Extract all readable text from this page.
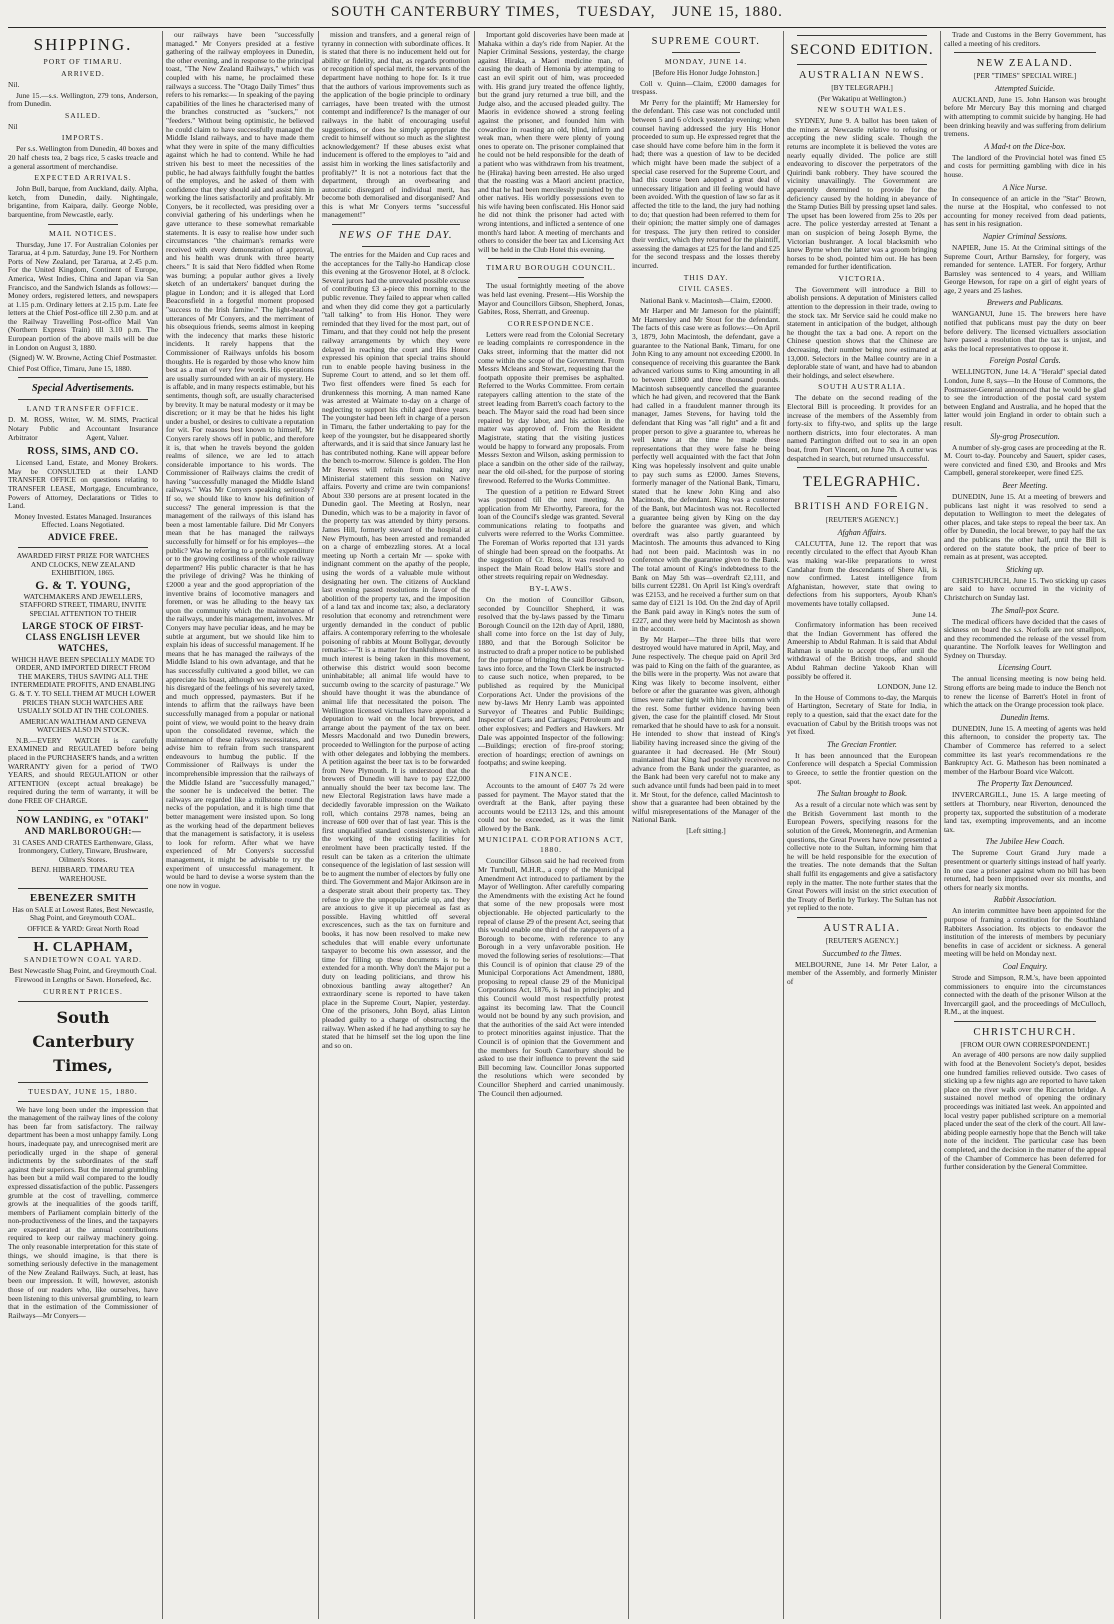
SOUTH CANTERBURY TIMES, TUESDAY, JUNE 15, 1880.
SHIPPING.
PORT OF TIMARU.
ARRIVED.

Nil.

June 15.—s.s. Wellington, 279 tons, Anderson, from Dunedin.

SAILED.

Nil

IMPORTS.

Per s.s. Wellington from Dunedin, 40 boxes and 20 half chests tea, 2 bags rice, 5 casks treacle and a general assortment of merchandise.

EXPECTED ARRIVALS.

John Bull, barque, from Auckland, daily. Alpha, ketch, from Dunedin, daily. Nightingale, brigantine, from Kaipara, daily. George Noble, barquentine, from Newcastle, early.

MAIL NOTICES.

Thursday, June 17. For Australian Colonies per Tararua, at 4 p.m. Saturday, June 19. For Northern Ports of New Zealand, per Tararua, at 2.45 p.m. For the United Kingdom, Continent of Europe, America, West Indies, China and Japan via San Francisco, and the Sandwich Islands as follows:— Money orders, registered letters, and newspapers at 1.15 p.m. Ordinary letters at 2.15 p.m. Late fee letters at the Chief Post-office till 2.30 p.m. and at the Railway Travelling Post-office Mail Van (Northern Express Train) till 3.10 p.m. The European portion of the above mails will be due in London on August 3, 1880.

(Signed) W. W. Browne, Acting Chief Postmaster.

Chief Post Office, Timaru, June 15, 1880.

Special Advertisements.
LAND TRANSFER OFFICE.

D. M. ROSS, Writer, Notary Public and Arbitrator

W. M. SIMS, Practical Accountant Insurance Agent, Valuer.

ROSS, SIMS, AND CO.

Licensed Land, Estate, and Money Brokers. May be CONSULTED at their LAND TRANSFER OFFICE on questions relating to TRANSFER LEASE, Mortgage, Encumbrance, Powers of Attorney, Declarations or Titles to Land.

Money Invested. Estates Managed. Insurances Effected. Loans Negotiated.

ADVICE FREE.

AWARDED FIRST PRIZE FOR WATCHES AND CLOCKS, NEW ZEALAND EXHIBITION, 1865.

G. & T. YOUNG,

WATCHMAKERS AND JEWELLERS, STAFFORD STREET, TIMARU, INVITE SPECIAL ATTENTION TO THEIR

LARGE STOCK OF FIRST-CLASS ENGLISH LEVER WATCHES,

WHICH HAVE BEEN SPECIALLY MADE TO ORDER, AND IMPORTED DIRECT FROM THE MAKERS, THUS SAVING ALL THE INTERMEDIATE PROFITS, AND ENABLING G. & T. Y. TO SELL THEM AT MUCH LOWER PRICES THAN SUCH WATCHES ARE USUALLY SOLD AT IN THE COLONIES.

AMERICAN WALTHAM AND GENEVA WATCHES ALSO IN STOCK.

N.B.—EVERY WATCH is carefully EXAMINED and REGULATED before being placed in the PURCHASER'S hands, and a written WARRANTY given for a period of TWO YEARS, and should REGULATION or other ATTENTION (except actual breakage) be required during the term of warranty, it will be done FREE OF CHARGE.

NOW LANDING, ex "OTAKI" AND MARLBOROUGH:—

31 CASES AND CRATES Earthenware, Glass, Ironmongery, Cutlery, Tinware, Brushware, Oilmen's Stores.

BENJ. HIBBARD. TIMARU TEA WAREHOUSE.

EBENEZER SMITH

Has on SALE at Lowest Rates, Best Newcastle, Shag Point, and Greymouth COAL.

OFFICE & YARD: Great North Road

H. CLAPHAM,
SANDIETOWN COAL YARD.

Best Newcastle Shag Point, and Greymouth Coal. Firewood in Lengths or Sawn. Horsefeed, &c.

CURRENT PRICES.
South Canterbury Times,
TUESDAY, JUNE 15, 1880.

We have long been under the impression that the management of the railway lines of the colony has been far from satisfactory. The railway department has been a most unhappy family. Long hours, inadequate pay, and unrecognised merit are periodically urged in the shape of general indictments by the subordinates of the staff against their superiors. But the internal grumbling has been but a mild wail compared to the loudly expressed dissatisfaction of the public. Passengers grumble at the cost of travelling, commerce growls at the inequalities of the goods tariff, members of Parliament complain bitterly of the non-productiveness of the lines, and the taxpayers are exasperated at the annual contributions required to keep our railway machinery going. The only reasonable interpretation for this state of things, we should imagine, is that there is something seriously defective in the management of the New Zealand Railways. Such, at least, has been our impression. It will, however, astonish those of our readers who, like ourselves, have been listening to this universal grumbling, to learn that in the estimation of the Commissioner of Railways—Mr Conyers—

our railways have been "successfully managed." Mr Conyers presided at a festive gathering of the railway employees in Dunedin, the other evening, and in response to the principal toast, "The New Zealand Railways," which was coupled with his name, he proclaimed these railways a success. The "Otago Daily Times" thus refers to his remarks:— In speaking of the paying capabilities of the lines he characterised many of the branches constructed as "suckers," not "feeders." Without being optimistic, he believed he could claim to have successfully managed the Middle Island railways, and to have made them what they were in spite of the many difficulties against which he had to contend. While he had striven his best to meet the necessities of the public, he had always faithfully fought the battles of the employes, and he asked of them with confidence that they should aid and assist him in working the lines satisfactorily and profitably. Mr Conyers, be it recollected, was presiding over a convivial gathering of his underlings when he gave utterance to these somewhat remarkable statements. It is easy to realise how under such circumstances "the chairman's remarks were received with every demonstration of approval, and his health was drunk with three hearty cheers." It is said that Nero fiddled when Rome was burning; a popular author gives a lively sketch of an undertakers' banquet during the plague in London; and it is alleged that Lord Beaconsfield in a forgetful moment proposed "success to the Irish famine." The light-hearted utterances of Mr Conyers, and the merriment of his obsequious friends, seems almost in keeping with the indecency that marks these historic incidents. It rarely happens that the Commissioner of Railways unfolds his bosom thoughts. He is regarded by those who know him best as a man of very few words. His operations are usually surrounded with an air of mystery. He is affable, and in many respects estimable, but his sentiments, though soft, are usually characterised by brevity. It may be natural modesty or it may be discretion; or it may be that he hides his light under a bushel, or desires to cultivate a reputation for wit. For reasons best known to himself, Mr Conyers rarely shows off in public, and therefore it is, that when he travels beyond the golden realms of silence, we are led to attach considerable importance to his words. The Commissioner of Railways claims the credit of having "successfully managed the Middle Island railways." Was Mr Conyers speaking seriously? If so, we should like to know his definition of success? The general impression is that the management of the railways of this island has been a most lamentable failure. Did Mr Conyers mean that he has managed the railways successfully for himself or for his employes—the public? Was he referring to a prolific expenditure or to the growing costliness of the whole railway department? His public character is that he has the privilege of driving? Was he thinking of £2000 a year and the good appropriation of the inventive brains of locomotive managers and foremen, or was he alluding to the heavy tax upon the community which the maintenance of the railways, under his management, involves. Mr Conyers may have peculiar ideas, and he may be subtle at argument, but we should like him to explain his ideas of successful management. If he means that he has managed the railways of the Middle Island to his own advantage, and that he has successfully cultivated a good billet, we can appreciate his boast, although we may not admire his disregard of the feelings of his severely taxed, and much oppressed, paymasters. But if he intends to affirm that the railways have been successfully managed from a popular or national point of view, we would point to the heavy drain upon the consolidated revenue, which the maintenance of these railways necessitates, and advise him to refrain from such transparent endeavours to humbug the public. If the Commissioner of Railways is under the incomprehensible impression that the railways of the Middle Island are "successfully managed," the sooner he is undeceived the better. The railways are regarded like a millstone round the necks of the population, and it is high time that better management were insisted upon. So long as the working head of the department believes that the management is satisfactory, it is useless to look for reform. After what we have experienced of Mr Conyers's successful management, it might be advisable to try the experiment of unsuccessful management. It would be hard to devise a worse system than the one now in vogue.

mission and transfers, and a general reign of tyranny in connection with subordinate offices. It is stated that there is no inducement held out for ability or fidelity, and that, as regards promotion or recognition of special merit, the servants of the department have nothing to hope for. Is it true that the authors of various improvements such as the application of the bogie principle to ordinary carriages, have been treated with the utmost contempt and indifference? Is the manager of our railways in the habit of encouraging useful suggestions, or does he simply appropriate the credit to himself without so much as the slightest acknowledgement? If these abuses exist what inducement is offered to the employes to "aid and assist him in working the lines satisfactorily and profitably?" It is not a notorious fact that the department, through an overbearing and autocratic disregard of individual merit, has become both demoralised and disorganised? And this is what Mr Conyers terms "successful management!"

NEWS OF THE DAY.

The entries for the Maiden and Cup races and the acceptances for the Tally-ho Handicap close this evening at the Grosvenor Hotel, at 8 o'clock. Several jurors had the unrevealed possible excuse of contributing £3 a-piece this morning to the public revenue. They failed to appear when called and when they did come they got a particularly "tall talking" to from His Honor. They were reminded that they lived for the most part, out of Timaru, and that they could not help the present railway arrangements by which they were delayed in reaching the court and His Honor expressed his opinion that special trains should run to enable people having business in the Supreme Court to attend, and so let them off. Two first offenders were fined 5s each for drunkenness this morning. A man named Kane was arrested at Waimate to-day on a charge of neglecting to support his child aged three years. The youngster had been left in charge of a person in Timaru, the father undertaking to pay for the keep of the youngster, but he disappeared shortly afterwards, and it is said that since January last he has contributed nothing. Kane will appear before the bench to-morrow. Silence is golden. The Hon Mr Reeves will refrain from making any Ministerial statement this session on Native affairs. Poverty and crime are twin companions! About 330 persons are at present located in the Dunedin gaol. The Meeting at Roslyn, near Dunedin, which was to be a majority in favor of the property tax was attended by thirty persons. James Hill, formerly steward of the hospital at New Plymouth, has been arrested and remanded on a charge of embezzling stores. At a local meeting up North a certain Mr — spoke with indignant comment on the apathy of the people, using the words of a valuable mule without designating her own. The citizens of Auckland last evening passed resolutions in favor of the abolition of the property tax, and the imposition of a land tax and income tax; also, a declaratory resolution that economy and retrenchment were urgently demanded in the conduct of public affairs. A contemporary referring to the wholesale poisoning of rabbits at Mount Bollygar, devoutly remarks:—"It is a matter for thankfulness that so much interest is being taken in this movement, otherwise this district would soon become uninhabitable; all animal life would have to succumb owing to the scarcity of pasturage." We should have thought it was the abundance of animal life that necessitated the poison. The Wellington licensed victuallers have appointed a deputation to wait on the local brewers, and arrange about the payment of the tax on beer. Messrs Macdonald and two Dunedin brewers, proceeded to Wellington for the purpose of acting with other delegates and lobbying the members. A petition against the beer tax is to be forwarded from New Plymouth. It is understood that the brewers of Dunedin will have to pay £22,000 annually should the beer tax become law. The new Electoral Registration laws have made a decidedly favorable impression on the Waikato roll, which contains 2978 names, being an increase of 600 over that of last year. This is the first unqualified standard consistency in which the working of the existing facilities for enrolment have been practically tested. If the result can be taken as a criterion the ultimate consequence of the legislation of last session will be to augment the number of electors by fully one third. The Government and Major Atkinson are in a desperate strait about their property tax. They refuse to give the unpopular article up, and they are anxious to give it up piecemeal as fast as possible. Having whittled off several excrescences, such as the tax on furniture and books, it has now been resolved to make new schedules that will enable every unfortunate taxpayer to become his own assessor, and the time for filling up these documents is to be extended for a month. Why don't the Major put a duty on leading politicians, and throw his obnoxious bantling away altogether? An extraordinary scene is reported to have taken place in the Supreme Court, Napier, yesterday. One of the prisoners, John Boyd, alias Linton pleaded guilty to a charge of obstructing the railway. When asked if he had anything to say he stated that he himself set the log upon the line and so on.

Important gold discoveries have been made at Mahaka within a day's ride from Napier. At the Napier Criminal Sessions, yesterday, the charge against Hiraka, a Maori medicine man, of causing the death of Hemonia by attempting to cast an evil spirit out of him, was proceeded with. His grand jury treated the offence lightly, but the grand jury returned a true bill, and the Judge also, and the accused pleaded guilty. The Maoris in evidence showed a strong feeling against the prisoner, and founded him with cowardice in roasting an old, blind, infirm and weak man, when there were plenty of young ones to operate on. The prisoner complained that he could not be held responsible for the death of a patient who was withdrawn from his treatment, he (Hiraka) having been arrested. He also urged that the roasting was a Maori ancient practice, and that he had been mercilessly punished by the other natives. His worldly possessions even to his wife having been confiscated. His Honor said he did not think the prisoner had acted with wrong intentions, and inflicted a sentence of one month's hard labor. A meeting of merchants and others to consider the beer tax and Licensing Act will be held in the Club Hotel this evening.

TIMARU BOROUGH COUNCIL.

The usual fortnightly meeting of the above was held last evening. Present—His Worship the Mayor and Councillors Gibson, Shepherd, Jonas, Gabites, Ross, Sherratt, and Greenup.

CORRESPONDENCE.

Letters were read from the Colonial Secretary re leading complaints re correspondence in the Oaks street, informing that the matter did not come within the scope of the Government. From Messrs Mcleans and Stewart, requesting that the footpath opposite their premises be asphalted. Referred to the Works Committee. From certain ratepayers calling attention to the state of the street leading from Barrett's coach factory to the beach. The Mayor said the road had been since repaired by day labor, and his action in the matter was approved of. From the Resident Magistrate, stating that the visiting justices would be happy to forward any proposals. From Messrs Sexton and Wilson, asking permission to place a sandbin on the other side of the railway, near the old oil-shed, for the purpose of storing firewood. Referred to the Works Committee.

The question of a petition re Edward Street was postponed till the next meeting. An application from Mr Elworthy, Pareora, for the loan of the Council's sledge was granted. Several communications relating to footpaths and culverts were referred to the Works Committee. The Foreman of Works reported that 131 yards of shingle had been spread on the footpaths. At the suggestion of Cr. Ross, it was resolved to inspect the Main Road below Hall's store and other streets requiring repair on Wednesday.

BY-LAWS.

On the motion of Councillor Gibson, seconded by Councillor Shepherd, it was resolved that the by-laws passed by the Timaru Borough Council on the 12th day of April, 1880, shall come into force on the 1st day of July, 1880, and that the Borough Solicitor be instructed to draft a proper notice to be published for the purpose of bringing the said Borough by-laws into force, and the Town Clerk be instructed to cause such notice, when prepared, to be published as required by the Municipal Corporations Act. Under the provisions of the new by-laws Mr Henry Lamb was appointed Surveyor of Theatres and Public Buildings; Inspector of Carts and Carriages; Petroleum and other explosives; and Pedlers and Hawkers. Mr Dale was appointed Inspector of the following:—Buildings; erection of fire-proof storing; erection of hoardings; erection of awnings on footpaths; and swine keeping.

FINANCE.

Accounts to the amount of £407 7s 2d were passed for payment. The Mayor stated that the overdraft at the Bank, after paying these accounts would be £2113 12s, and this amount could not be exceeded, as it was the limit allowed by the Bank.

MUNICIPAL CORPORATIONS ACT, 1880.

Councillor Gibson said he had received from Mr Turnbull, M.H.R., a copy of the Municipal Amendment Act introduced to parliament by the Mayor of Wellington. After carefully comparing the Amendments with the existing Act he found that some of the new proposals were most objectionable. He objected particularly to the repeal of clause 29 of the present Act, seeing that this would enable one third of the ratepayers of a Borough to become, with reference to any Borough in a very unfavorable position. He moved the following series of resolutions:—That this Council is of opinion that clause 29 of the Municipal Corporations Act Amendment, 1880, proposing to repeal clause 29 of the Municipal Corporations Act, 1876, is bad in principle; and this Council would most respectfully protest against its becoming law. That the Council would not be bound by any such provision, and that the authorities of the said Act were intended to protect minorities against injustice. That the Council is of opinion that the Government and the members for South Canterbury should be asked to use their influence to prevent the said Bill becoming law. Councillor Jonas supported the resolutions which were seconded by Councillor Shepherd and carried unanimously. The Council then adjourned.

SUPREME COURT.
MONDAY, JUNE 14.

[Before His Honor Judge Johnston.]

Coll v. Quinn—Claim, £2000 damages for trespass.

Mr Perry for the plaintiff; Mr Hamersley for the defendant. This case was not concluded until between 5 and 6 o'clock yesterday evening; when counsel having addressed the jury His Honor proceeded to sum up. He expressed regret that the case should have come before him in the form it had; there was a question of law to be decided which might have been made the subject of a special case reserved for the Supreme Court, and had this course been adopted a great deal of unnecessary litigation and ill feeling would have been avoided. With the question of law so far as it affected the title to the land, the jury had nothing to do; that question had been referred to them for their opinion; the matter simply one of damages for trespass. The jury then retired to consider their verdict, which they returned for the plaintiff, assessing the damages at £25 for the land and £25 for the second trespass and the losses thereby incurred.

THIS DAY.
CIVIL CASES.

National Bank v. Macintosh—Claim, £2000.

Mr Harper and Mr Jameson for the plaintiff; Mr Hamersley and Mr Stout for the defendant. The facts of this case were as follows:—On April 3, 1879, John Macintosh, the defendant, gave a guarantee to the National Bank, Timaru, for one John King to any amount not exceeding £2000. In consequence of receiving this guarantee the Bank advanced various sums to King amounting in all to between £1800 and three thousand pounds. Macintosh subsequently cancelled the guarantee which he had given, and recovered that the Bank had called in a fraudulent manner through its manager, James Stevens, for having told the defendant that King was "all right" and a fit and proper person to give a guarantee to, whereas he well knew at the time he made these representations that they were false he being perfectly well acquainted with the fact that John King was hopelessly insolvent and quite unable to pay such sums as £2000. James Stevens, formerly manager of the National Bank, Timaru, stated that he knew John King and also Macintosh, the defendant. King was a customer of the Bank, but Macintosh was not. Recollected a guarantee being given by King on the day before the guarantee was given, and which overdraft was also partly guaranteed by Macintosh. The amounts thus advanced to King had not been paid. Macintosh was in no conference with the guarantee given to the Bank. The total amount of King's indebtedness to the Bank on May 5th was—overdraft £2,111, and bills current £2281. On April 1st King's overdraft was £2153, and he received a further sum on that same day of £121 1s 10d. On the 2nd day of April the Bank paid away in King's notes the sum of £227, and they were held by Macintosh as shown in the account.

By Mr Harper—The three bills that were destroyed would have matured in April, May, and June respectively. The cheque paid on April 3rd was paid to King on the faith of the guarantee, as the bills were in the property. Was not aware that King was likely to become insolvent, either before or after the guarantee was given, although times were rather tight with him, in common with the rest. Some further evidence having been given, the case for the plaintiff closed. Mr Stout remarked that he should have to ask for a nonsuit. He intended to show that instead of King's liability having increased since the giving of the guarantee it had decreased. He (Mr Stout) maintained that King had positively received no advance from the Bank under the guarantee, as the Bank had been very careful not to make any such advance until funds had been paid in to meet it. Mr Stout, for the defence, called Macintosh to show that a guarantee had been obtained by the wilful misrepresentations of the Manager of the National Bank.

[Left sitting.]

Trade and Customs in the Berry Government, has called a meeting of his creditors.

NEW ZEALAND.

[PER "TIMES" SPECIAL WIRE.]

Attempted Suicide.

AUCKLAND, June 15. John Hanson was brought before Mr Mercury Bay this morning and charged with attempting to commit suicide by hanging. He had been drinking heavily and was suffering from delirium tremens.

A Mad-t on the Dice-box.

The landlord of the Provincial hotel was fined £5 and costs for permitting gambling with dice in his house.

A Nice Nurse.

In consequence of an article in the "Star" Brown, the nurse at the Hospital, who confessed to not accounting for money received from dead patients, has sent in his resignation.

Napier Criminal Sessions.

NAPIER, June 15. At the Criminal sittings of the Supreme Court, Arthur Barnsley, for forgery, was remanded for sentence. LATER. For forgery, Arthur Barnsley was sentenced to 4 years, and William George Hewson, for rape on a girl of eight years of age, 2 years and 25 lashes.

Brewers and Publicans.

WANGANUI, June 15. The brewers here have notified that publicans must pay the duty on beer before delivery. The licensed victuallers association have passed a resolution that the tax is unjust, and asks the local representatives to oppose it.

Foreign Postal Cards.

WELLINGTON, June 14. A "Herald" special dated London, June 8, says—In the House of Commons, the Postmaster-General announced that he would be glad to see the introduction of the postal card system between England and Australia, and he hoped that the latter would join England in order to obtain such a result.

Sly-grog Prosecution.

A number of sly-grog cases are proceeding at the R. M. Court to-day. Pounceby and Sauert, spider cases, were convicted and fined £30, and Brooks and Mrs Campbell, general storekeeper, were fined £25.

Beer Meeting.

DUNEDIN, June 15. At a meeting of brewers and publicans last night it was resolved to send a deputation to Wellington to meet the delegates of other places, and take steps to repeal the beer tax. An offer by Dunedin, the local brewer, to pay half the tax and the publicans the other half, until the Bill is ordered on the statute book, the price of beer to remain as at present, was accepted.

Sticking up.

CHRISTCHURCH, June 15. Two sticking up cases are said to have occurred in the vicinity of Christchurch on Sunday last.

The Small-pox Scare.

The medical officers have decided that the cases of sickness on board the s.s. Norfolk are not smallpox, and they recommended the release of the vessel from quarantine. The Norfolk leaves for Wellington and Sydney on Thursday.

Licensing Court.

The annual licensing meeting is now being held. Strong efforts are being made to induce the Bench not to renew the license of Barrett's Hotel in front of which the attack on the Orange procession took place.

Dunedin Items.

DUNEDIN, June 15. A meeting of agents was held this afternoon, to consider the property tax. The Chamber of Commerce has referred to a select committee its last year's recommendations re the Bankruptcy Act. G. Matheson has been nominated a member of the Harbour Board vice Walcott.

The Property Tax Denounced.

INVERCARGILL, June 15. A large meeting of settlers at Thornbury, near Riverton, denounced the property tax, supported the substitution of a moderate land tax, exempting improvements, and an income tax.

The Jubilee Hew Coach.

The Supreme Court Grand Jury made a presentment or quarterly sittings instead of half yearly. In one case a prisoner against whom no bill has been returned, had been imprisoned over six months, and others for nearly six months.

Rabbit Association.

An interim committee have been appointed for the purpose of framing a constitution for the Southland Rabbiters Association. Its objects to endeavor the institution of the interests of members by pecuniary benefits in case of accident or sickness. A general meeting will be held on Monday next.

Coal Enquiry.

Strode and Simpson, R.M.'s, have been appointed commissioners to enquire into the circumstances connected with the death of the prisoner Wilson at the Invercargill gaol, and the proceedings of McCulloch, R.M., at the inquest.

CHRISTCHURCH.

[FROM OUR OWN CORRESPONDENT.]

An average of 400 persons are now daily supplied with food at the Benevolent Society's depot, besides one hundred families relieved outside. Two cases of sticking up a few nights ago are reported to have taken place on the river walk over the Riccarton bridge. A sustained novel method of opening the ordinary proceedings was initiated last week. An appointed and local vestry paper published scripture on a memorial placed under the seat of the clerk of the court. All law-abiding people earnestly hope that the Bench will take note of the incident. The particular case has been completed, and the decision in the matter of the appeal of the Chamber of Commerce has been deferred for further consideration by the General Committee.

SECOND EDITION.
AUSTRALIAN NEWS.

[BY TELEGRAPH.]

(Per Wakatipu at Wellington.)

NEW SOUTH WALES.

SYDNEY, June 9. A ballot has been taken of the miners at Newcastle relative to refusing or accepting the new sliding scale. Though the returns are incomplete it is believed the votes are nearly equally divided. The police are still endeavoring to discover the perpetrators of the Quirindi bank robbery. They have scoured the vicinity unavailingly. The Government are apparently determined to provide for the deficiency caused by the holding in abeyance of the Stamp Duties Bill by pressing upset land sales. The upset has been lowered from 25s to 20s per acre. The police yesterday arrested at Tenant a man on suspicion of being Joseph Byrne, the Victorian bushranger. A local blacksmith who knew Byrne when the latter was a groom bringing horses to be shod, pointed him out. He has been remanded for further identification.

VICTORIA.

The Government will introduce a Bill to abolish pensions. A deputation of Ministers called attention to the depression in their trade, owing to the stock tax. Mr Service said he could make no statement in anticipation of the budget, although he thought the tax a bad one. A report on the Chinese question shows that the Chinese are decreasing, their number being now estimated at 13,000. Selectors in the Mallee country are in a deplorable state of want, and have had to abandon their holdings, and select elsewhere.

SOUTH AUSTRALIA.

The debate on the second reading of the Electoral Bill is proceeding. It provides for an increase of the members of the Assembly from forty-six to fifty-two, and splits up the large northern districts, into four electorates. A man named Partington drifted out to sea in an open boat, from Port Vincent, on June 7th. A cutter was despatched in search, but returned unsuccessful.

TELEGRAPHIC.
BRITISH AND FOREIGN.

[REUTER'S AGENCY.]

Afghan Affairs.

CALCUTTA, June 12. The report that was recently circulated to the effect that Ayoub Khan was making war-like preparations to wrest Candahar from the descendants of Shere Ali, is now confirmed. Latest intelligence from Afghanistan, however, state that owing to defections from his supporters, Ayoub Khan's movements have totally collapsed.

June 14.

Confirmatory information has been received that the Indian Government has offered the Ameership to Abdul Rahman. It is said that Abdul Rahman is unable to accept the offer until the withdrawal of the British troops, and should Abdul Rahman decline Yakoob Khan will possibly be offered it.

LONDON, June 12.

In the House of Commons to-day, the Marquis of Hartington, Secretary of State for India, in reply to a question, said that the exact date for the evacuation of Cabul by the British troops was not yet fixed.

The Grecian Frontier.

It has been announced that the European Conference will despatch a Special Commission to Greece, to settle the frontier question on the spot.

The Sultan brought to Book.

As a result of a circular note which was sent by the British Government last month to the European Powers, specifying reasons for the solution of the Greek, Montenegrin, and Armenian questions, the Great Powers have now presented a collective note to the Sultan, informing him that he will be held responsible for the execution of the treaties. The note demands that the Sultan shall fulfil its engagements and give a satisfactory reply in the matter. The note further states that the Great Powers will insist on the strict execution of the Treaty of Berlin by Turkey. The Sultan has not yet replied to the note.

AUSTRALIA.

[REUTER'S AGENCY.]

Succumbed to the Times.

MELBOURNE, June 14. Mr Peter Lalor, a member of the Assembly, and formerly Minister of
